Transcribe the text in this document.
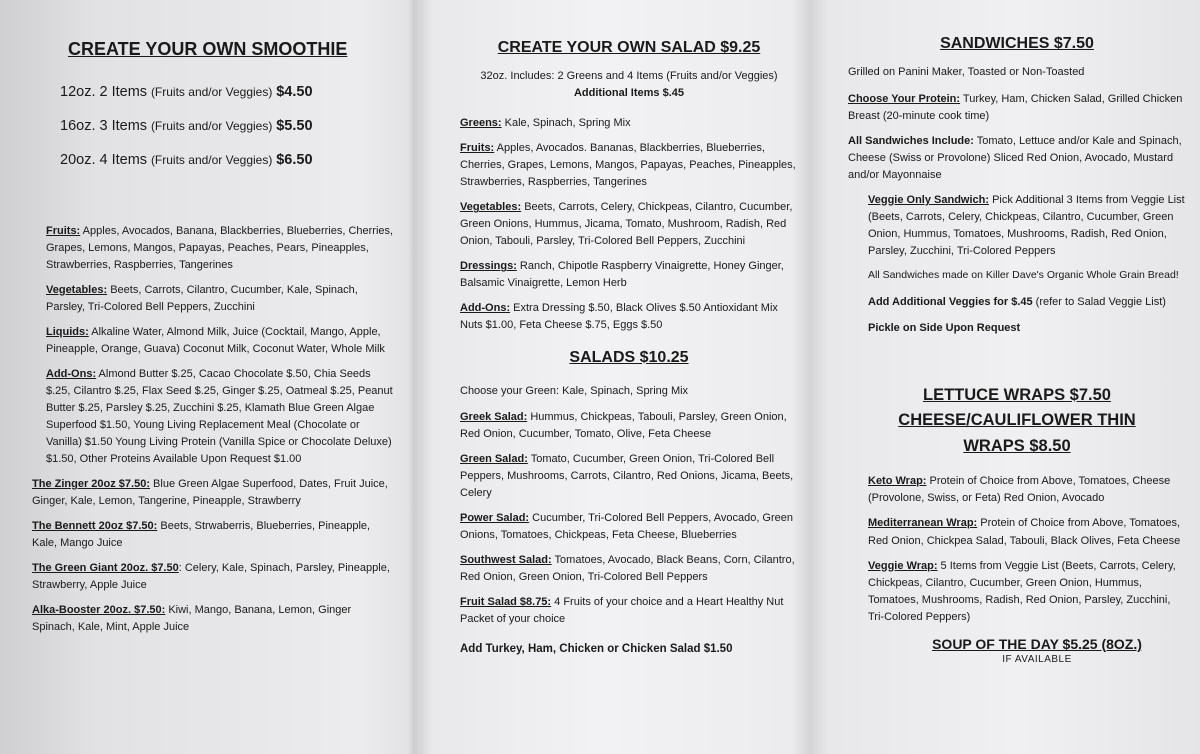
CREATE YOUR OWN SMOOTHIE
12oz. 2 Items (Fruits and/or Veggies) $4.50
16oz. 3 Items (Fruits and/or Veggies) $5.50
20oz. 4 Items (Fruits and/or Veggies) $6.50
Fruits: Apples, Avocados, Banana, Blackberries, Blueberries, Cherries, Grapes, Lemons, Mangos, Papayas, Peaches, Pears, Pineapples, Strawberries, Raspberries, Tangerines
Vegetables: Beets, Carrots, Cilantro, Cucumber, Kale, Spinach, Parsley, Tri-Colored Bell Peppers, Zucchini
Liquids: Alkaline Water, Almond Milk, Juice (Cocktail, Mango, Apple, Pineapple, Orange, Guava) Coconut Milk, Coconut Water, Whole Milk
Add-Ons: Almond Butter $.25, Cacao Chocolate $.50, Chia Seeds $.25, Cilantro $.25, Flax Seed $.25, Ginger $.25, Oatmeal $.25, Peanut Butter $.25, Parsley $.25, Zucchini $.25, Klamath Blue Green Algae Superfood $1.50, Young Living Replacement Meal (Chocolate or Vanilla) $1.50 Young Living Protein (Vanilla Spice or Chocolate Deluxe) $1.50, Other Proteins Available Upon Request $1.00
The Zinger 20oz $7.50: Blue Green Algae Superfood, Dates, Fruit Juice, Ginger, Kale, Lemon, Tangerine, Pineapple, Strawberry
The Bennett 20oz $7.50: Beets, Strwaberris, Blueberries, Pineapple, Kale, Mango Juice
The Green Giant 20oz. $7.50: Celery, Kale, Spinach, Parsley, Pineapple, Strawberry, Apple Juice
Alka-Booster 20oz. $7.50: Kiwi, Mango, Banana, Lemon, Ginger Spinach, Kale, Mint, Apple Juice
CREATE YOUR OWN SALAD $9.25
32oz. Includes: 2 Greens and 4 Items (Fruits and/or Veggies) Additional Items $.45
Greens: Kale, Spinach, Spring Mix
Fruits: Apples, Avocados. Bananas, Blackberries, Blueberries, Cherries, Grapes, Lemons, Mangos, Papayas, Peaches, Pineapples, Strawberries, Raspberries, Tangerines
Vegetables: Beets, Carrots, Celery, Chickpeas, Cilantro, Cucumber, Green Onions, Hummus, Jicama, Tomato, Mushroom, Radish, Red Onion, Tabouli, Parsley, Tri-Colored Bell Peppers, Zucchini
Dressings: Ranch, Chipotle Raspberry Vinaigrette, Honey Ginger, Balsamic Vinaigrette, Lemon Herb
Add-Ons: Extra Dressing $.50, Black Olives $.50 Antioxidant Mix Nuts $1.00, Feta Cheese $.75, Eggs $.50
SALADS $10.25
Choose your Green: Kale, Spinach, Spring Mix
Greek Salad: Hummus, Chickpeas, Tabouli, Parsley, Green Onion, Red Onion, Cucumber, Tomato, Olive, Feta Cheese
Green Salad: Tomato, Cucumber, Green Onion, Tri-Colored Bell Peppers, Mushrooms, Carrots, Cilantro, Red Onions, Jicama, Beets, Celery
Power Salad: Cucumber, Tri-Colored Bell Peppers, Avocado, Green Onions, Tomatoes, Chickpeas, Feta Cheese, Blueberries
Southwest Salad: Tomatoes, Avocado, Black Beans, Corn, Cilantro, Red Onion, Green Onion, Tri-Colored Bell Peppers
Fruit Salad $8.75: 4 Fruits of your choice and a Heart Healthy Nut Packet of your choice
Add Turkey, Ham, Chicken or Chicken Salad $1.50
SANDWICHES $7.50
Grilled on Panini Maker, Toasted or Non-Toasted
Choose Your Protein: Turkey, Ham, Chicken Salad, Grilled Chicken Breast (20-minute cook time)
All Sandwiches Include: Tomato, Lettuce and/or Kale and Spinach, Cheese (Swiss or Provolone) Sliced Red Onion, Avocado, Mustard and/or Mayonnaise
Veggie Only Sandwich: Pick Additional 3 Items from Veggie List (Beets, Carrots, Celery, Chickpeas, Cilantro, Cucumber, Green Onion, Hummus, Tomatoes, Mushrooms, Radish, Red Onion, Parsley, Zucchini, Tri-Colored Peppers
All Sandwiches made on Killer Dave's Organic Whole Grain Bread!
Add Additional Veggies for $.45 (refer to Salad Veggie List)
Pickle on Side Upon Request
LETTUCE WRAPS $7.50
CHEESE/CAULIFLOWER THIN
WRAPS $8.50
Keto Wrap: Protein of Choice from Above, Tomatoes, Cheese (Provolone, Swiss, or Feta) Red Onion, Avocado
Mediterranean Wrap: Protein of Choice from Above, Tomatoes, Red Onion, Chickpea Salad, Tabouli, Black Olives, Feta Cheese
Veggie Wrap: 5 Items from Veggie List (Beets, Carrots, Celery, Chickpeas, Cilantro, Cucumber, Green Onion, Hummus, Tomatoes, Mushrooms, Radish, Red Onion, Parsley, Zucchini, Tri-Colored Peppers)
SOUP OF THE DAY $5.25 (8OZ.)
IF AVAILABLE
